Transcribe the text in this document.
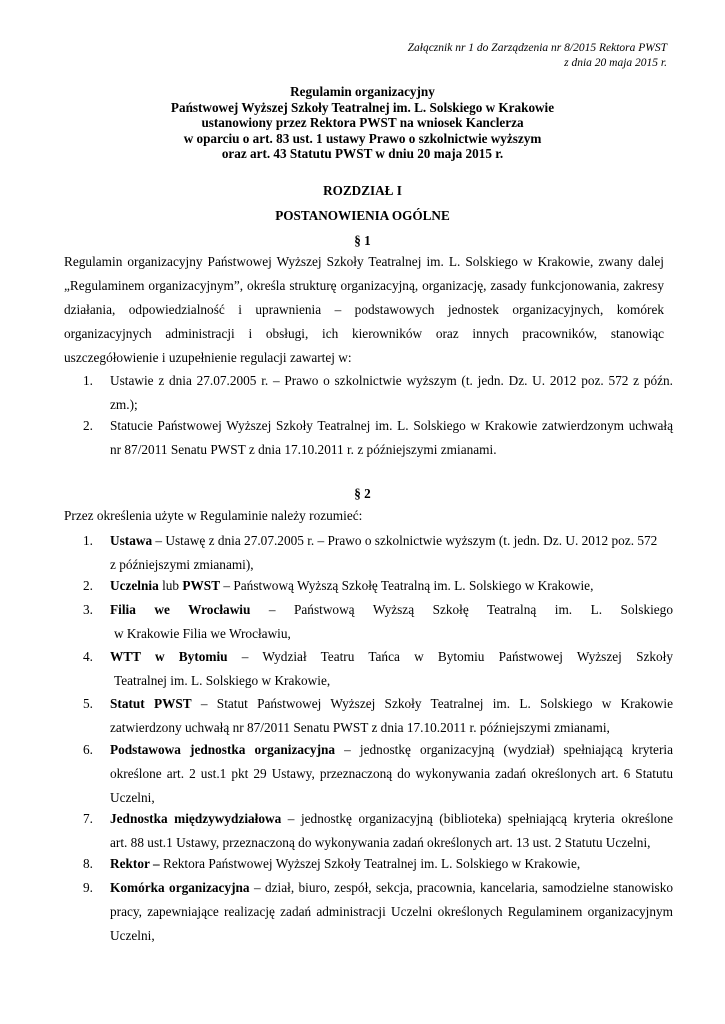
Załącznik nr 1 do Zarządzenia nr 8/2015 Rektora PWST
z dnia 20 maja 2015 r.
Regulamin organizacyjny
Państwowej Wyższej Szkoły Teatralnej im. L. Solskiego w Krakowie
ustanowiony przez Rektora PWST na wniosek Kanclerza
w oparciu o art. 83 ust. 1 ustawy Prawo o szkolnictwie wyższym
oraz art. 43 Statutu PWST w dniu 20 maja 2015 r.
ROZDZIAŁ I
POSTANOWIENIA OGÓLNE
§ 1
Regulamin organizacyjny Państwowej Wyższej Szkoły Teatralnej im. L. Solskiego w Krakowie, zwany dalej
„Regulaminem organizacyjnym”, określa strukturę organizacyjną, organizację, zasady funkcjonowania, zakresy
działania, odpowiedzialność i uprawnienia – podstawowych jednostek organizacyjnych, komórek
organizacyjnych administracji i obsługi, ich kierowników oraz innych pracowników, stanowiąc
uszczegółowienie i uzupełnienie regulacji zawartej w:
1.	Ustawie z dnia 27.07.2005 r. – Prawo o szkolnictwie wyższym (t. jedn. Dz. U. 2012 poz. 572 z późn.
zm.);
2.	Statucie Państwowej Wyższej Szkoły Teatralnej im. L. Solskiego w Krakowie zatwierdzonym uchwałą
nr 87/2011 Senatu PWST z dnia 17.10.2011 r. z późniejszymi zmianami.
§ 2
Przez określenia użyte w Regulaminie należy rozumieć:
1.	Ustawa – Ustawę z dnia 27.07.2005 r. – Prawo o szkolnictwie wyższym (t. jedn. Dz. U. 2012 poz. 572
z późniejszymi zmianami),
2.	Uczelnia lub PWST – Państwową Wyższą Szkołę Teatralną im. L. Solskiego w Krakowie,
3.	Filia we Wrocławiu – Państwową Wyższą Szkołę Teatralną im. L. Solskiego
w Krakowie Filia we Wrocławiu,
4.	WTT w Bytomiu – Wydział Teatru Tańca w Bytomiu Państwowej Wyższej Szkoły
Teatralnej im. L. Solskiego w Krakowie,
5.	Statut PWST – Statut Państwowej Wyższej Szkoły Teatralnej im. L. Solskiego w Krakowie
zatwierdzony uchwałą nr 87/2011 Senatu PWST z dnia 17.10.2011 r. późniejszymi zmianami,
6.	Podstawowa jednostka organizacyjna – jednostkę organizacyjną (wydział) spełniającą kryteria
określone art. 2 ust.1 pkt 29 Ustawy, przeznaczoną do wykonywania zadań określonych art. 6 Statutu
Uczelni,
7.	Jednostka międzywydziałowa – jednostkę organizacyjną (biblioteka) spełniającą kryteria określone
art. 88 ust.1 Ustawy, przeznaczoną do wykonywania zadań określonych art. 13 ust. 2 Statutu Uczelni,
8.	Rektor – Rektora Państwowej Wyższej Szkoły Teatralnej im. L. Solskiego w Krakowie,
9.	Komórka organizacyjna – dział, biuro, zespół, sekcja, pracownia, kancelaria, samodzielne stanowisko
pracy, zapewniające realizację zadań administracji Uczelni określonych Regulaminem organizacyjnym
Uczelni,
